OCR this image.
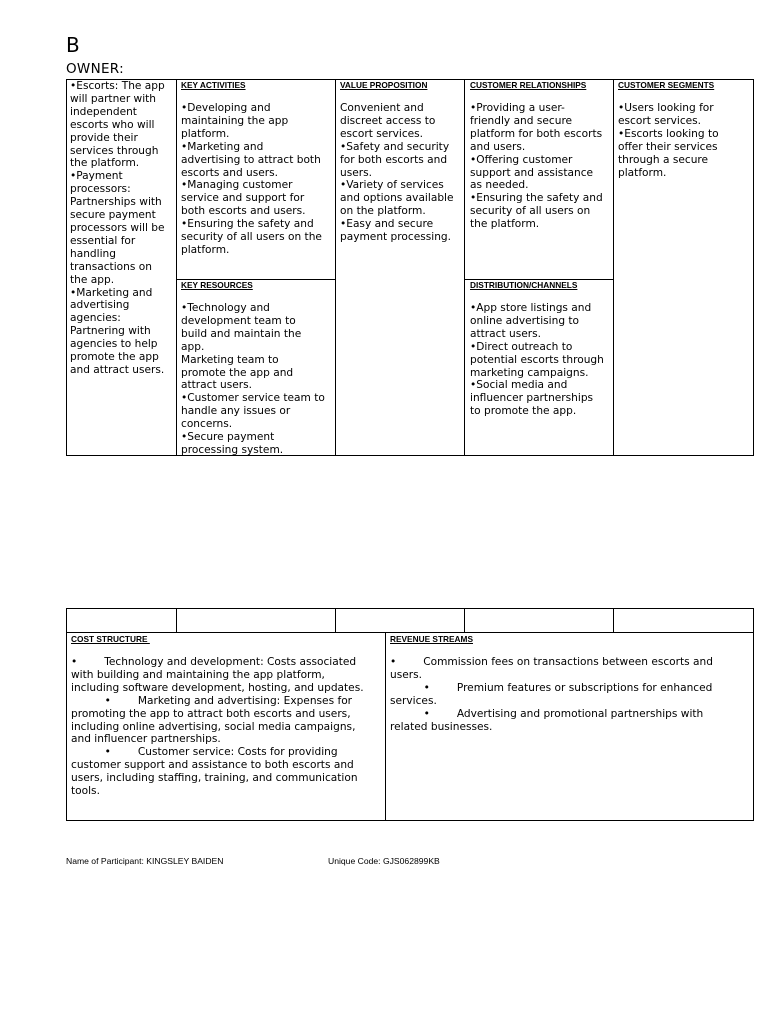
B
OWNER:
•Escorts: The app
will partner with
independent
escorts who will
provide their
services through
the platform.
•Payment
processors:
Partnerships with
secure payment
processors will be
essential for
handling
transactions on
the app.
•Marketing and
advertising
agencies:
Partnering with
agencies to help
promote the app
and attract users.
KEY ACTIVITIES
•Developing and
maintaining the app
platform.
•Marketing and
advertising to attract both
escorts and users.
•Managing customer
service and support for
both escorts and users.
•Ensuring the safety and
security of all users on the
platform.
KEY RESOURCES
•Technology and
development team to
build and maintain the
app.
Marketing team to
promote the app and
attract users.
•Customer service team to
handle any issues or
concerns.
•Secure payment
processing system.
VALUE PROPOSITION
Convenient and
discreet access to
escort services.
•Safety and security
for both escorts and
users.
•Variety of services
and options available
on the platform.
•Easy and secure
payment processing.
CUSTOMER RELATIONSHIPS
•Providing a user-
friendly and secure
platform for both escorts
and users.
•Offering customer
support and assistance
as needed.
•Ensuring the safety and
security of all users on
the platform.
DISTRIBUTION/CHANNELS
•App store listings and
online advertising to
attract users.
•Direct outreach to
potential escorts through
marketing campaigns.
•Social media and
influencer partnerships
to promote the app.
CUSTOMER SEGMENTS
•Users looking for
escort services.
•Escorts looking to
offer their services
through a secure
platform.
COST STRUCTURE
•        Technology and development: Costs associated with building and maintaining the app platform, including software development, hosting, and updates.
•        Marketing and advertising: Expenses for promoting the app to attract both escorts and users, including online advertising, social media campaigns, and influencer partnerships.
•        Customer service: Costs for providing customer support and assistance to both escorts and users, including staffing, training, and communication tools.
REVENUE STREAMS
•        Commission fees on transactions between escorts and users.
•        Premium features or subscriptions for enhanced services.
•        Advertising and promotional partnerships with related businesses.
Name of Participant: KINGSLEY BAIDEN	Unique Code: GJS062899KB
